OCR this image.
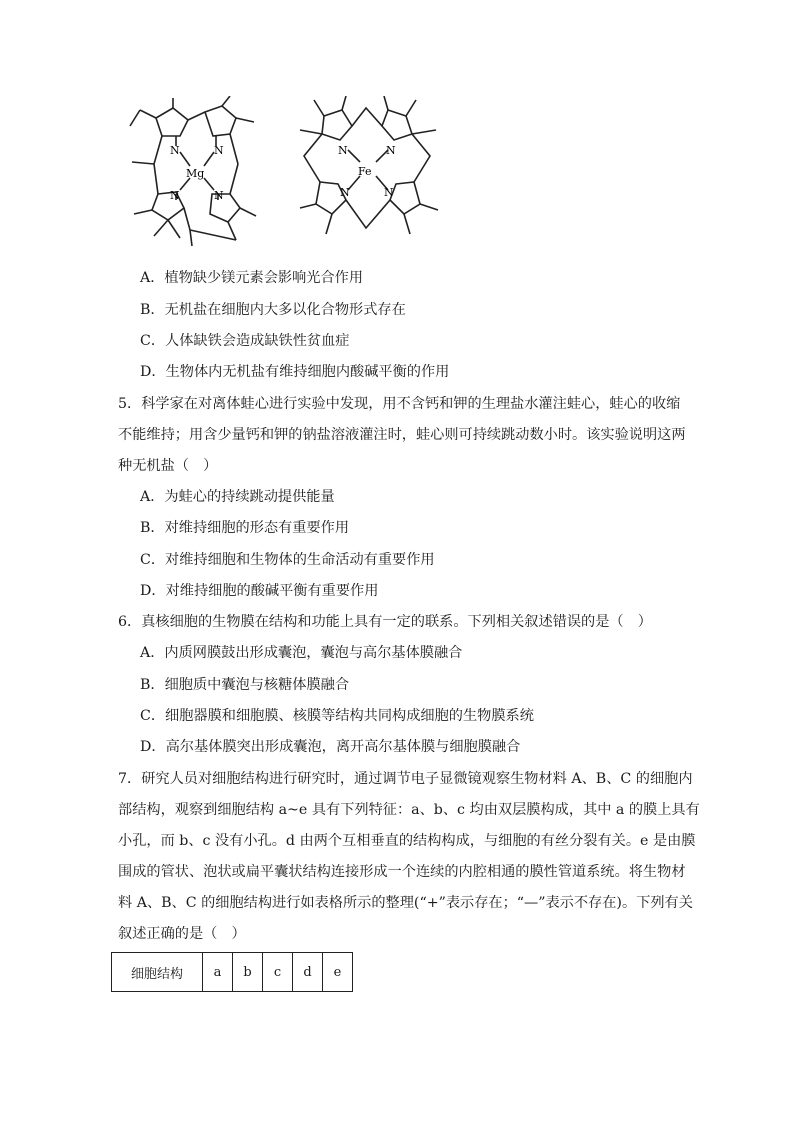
N	N
Mg
N	N
N	N
Fe
N	N
A．植物缺少镁元素会影响光合作用
B．无机盐在细胞内大多以化合物形式存在
C．人体缺铁会造成缺铁性贫血症
D．生物体内无机盐有维持细胞内酸碱平衡的作用
5．科学家在对离体蛙心进行实验中发现，用不含钙和钾的生理盐水灌注蛙心，蛙心的收缩
不能维持；用含少量钙和钾的钠盐溶液灌注时，蛙心则可持续跳动数小时。该实验说明这两
种无机盐（　）
A．为蛙心的持续跳动提供能量
B．对维持细胞的形态有重要作用
C．对维持细胞和生物体的生命活动有重要作用
D．对维持细胞的酸碱平衡有重要作用
6．真核细胞的生物膜在结构和功能上具有一定的联系。下列相关叙述错误的是（　）
A．内质网膜鼓出形成囊泡，囊泡与高尔基体膜融合
B．细胞质中囊泡与核糖体膜融合
C．细胞器膜和细胞膜、核膜等结构共同构成细胞的生物膜系统
D．高尔基体膜突出形成囊泡，离开高尔基体膜与细胞膜融合
7．研究人员对细胞结构进行研究时，通过调节电子显微镜观察生物材料 A、B、C 的细胞内
部结构，观察到细胞结构 a~e 具有下列特征：a、b、c 均由双层膜构成，其中 a 的膜上具有
小孔，而 b、c 没有小孔。d 由两个互相垂直的结构构成，与细胞的有丝分裂有关。e 是由膜
围成的管状、泡状或扁平囊状结构连接形成一个连续的内腔相通的膜性管道系统。将生物材
料 A、B、C 的细胞结构进行如表格所示的整理(“+”表示存在；“—”表示不存在)。下列有关
叙述正确的是（　）
细胞结构	a	b	c	d	e
